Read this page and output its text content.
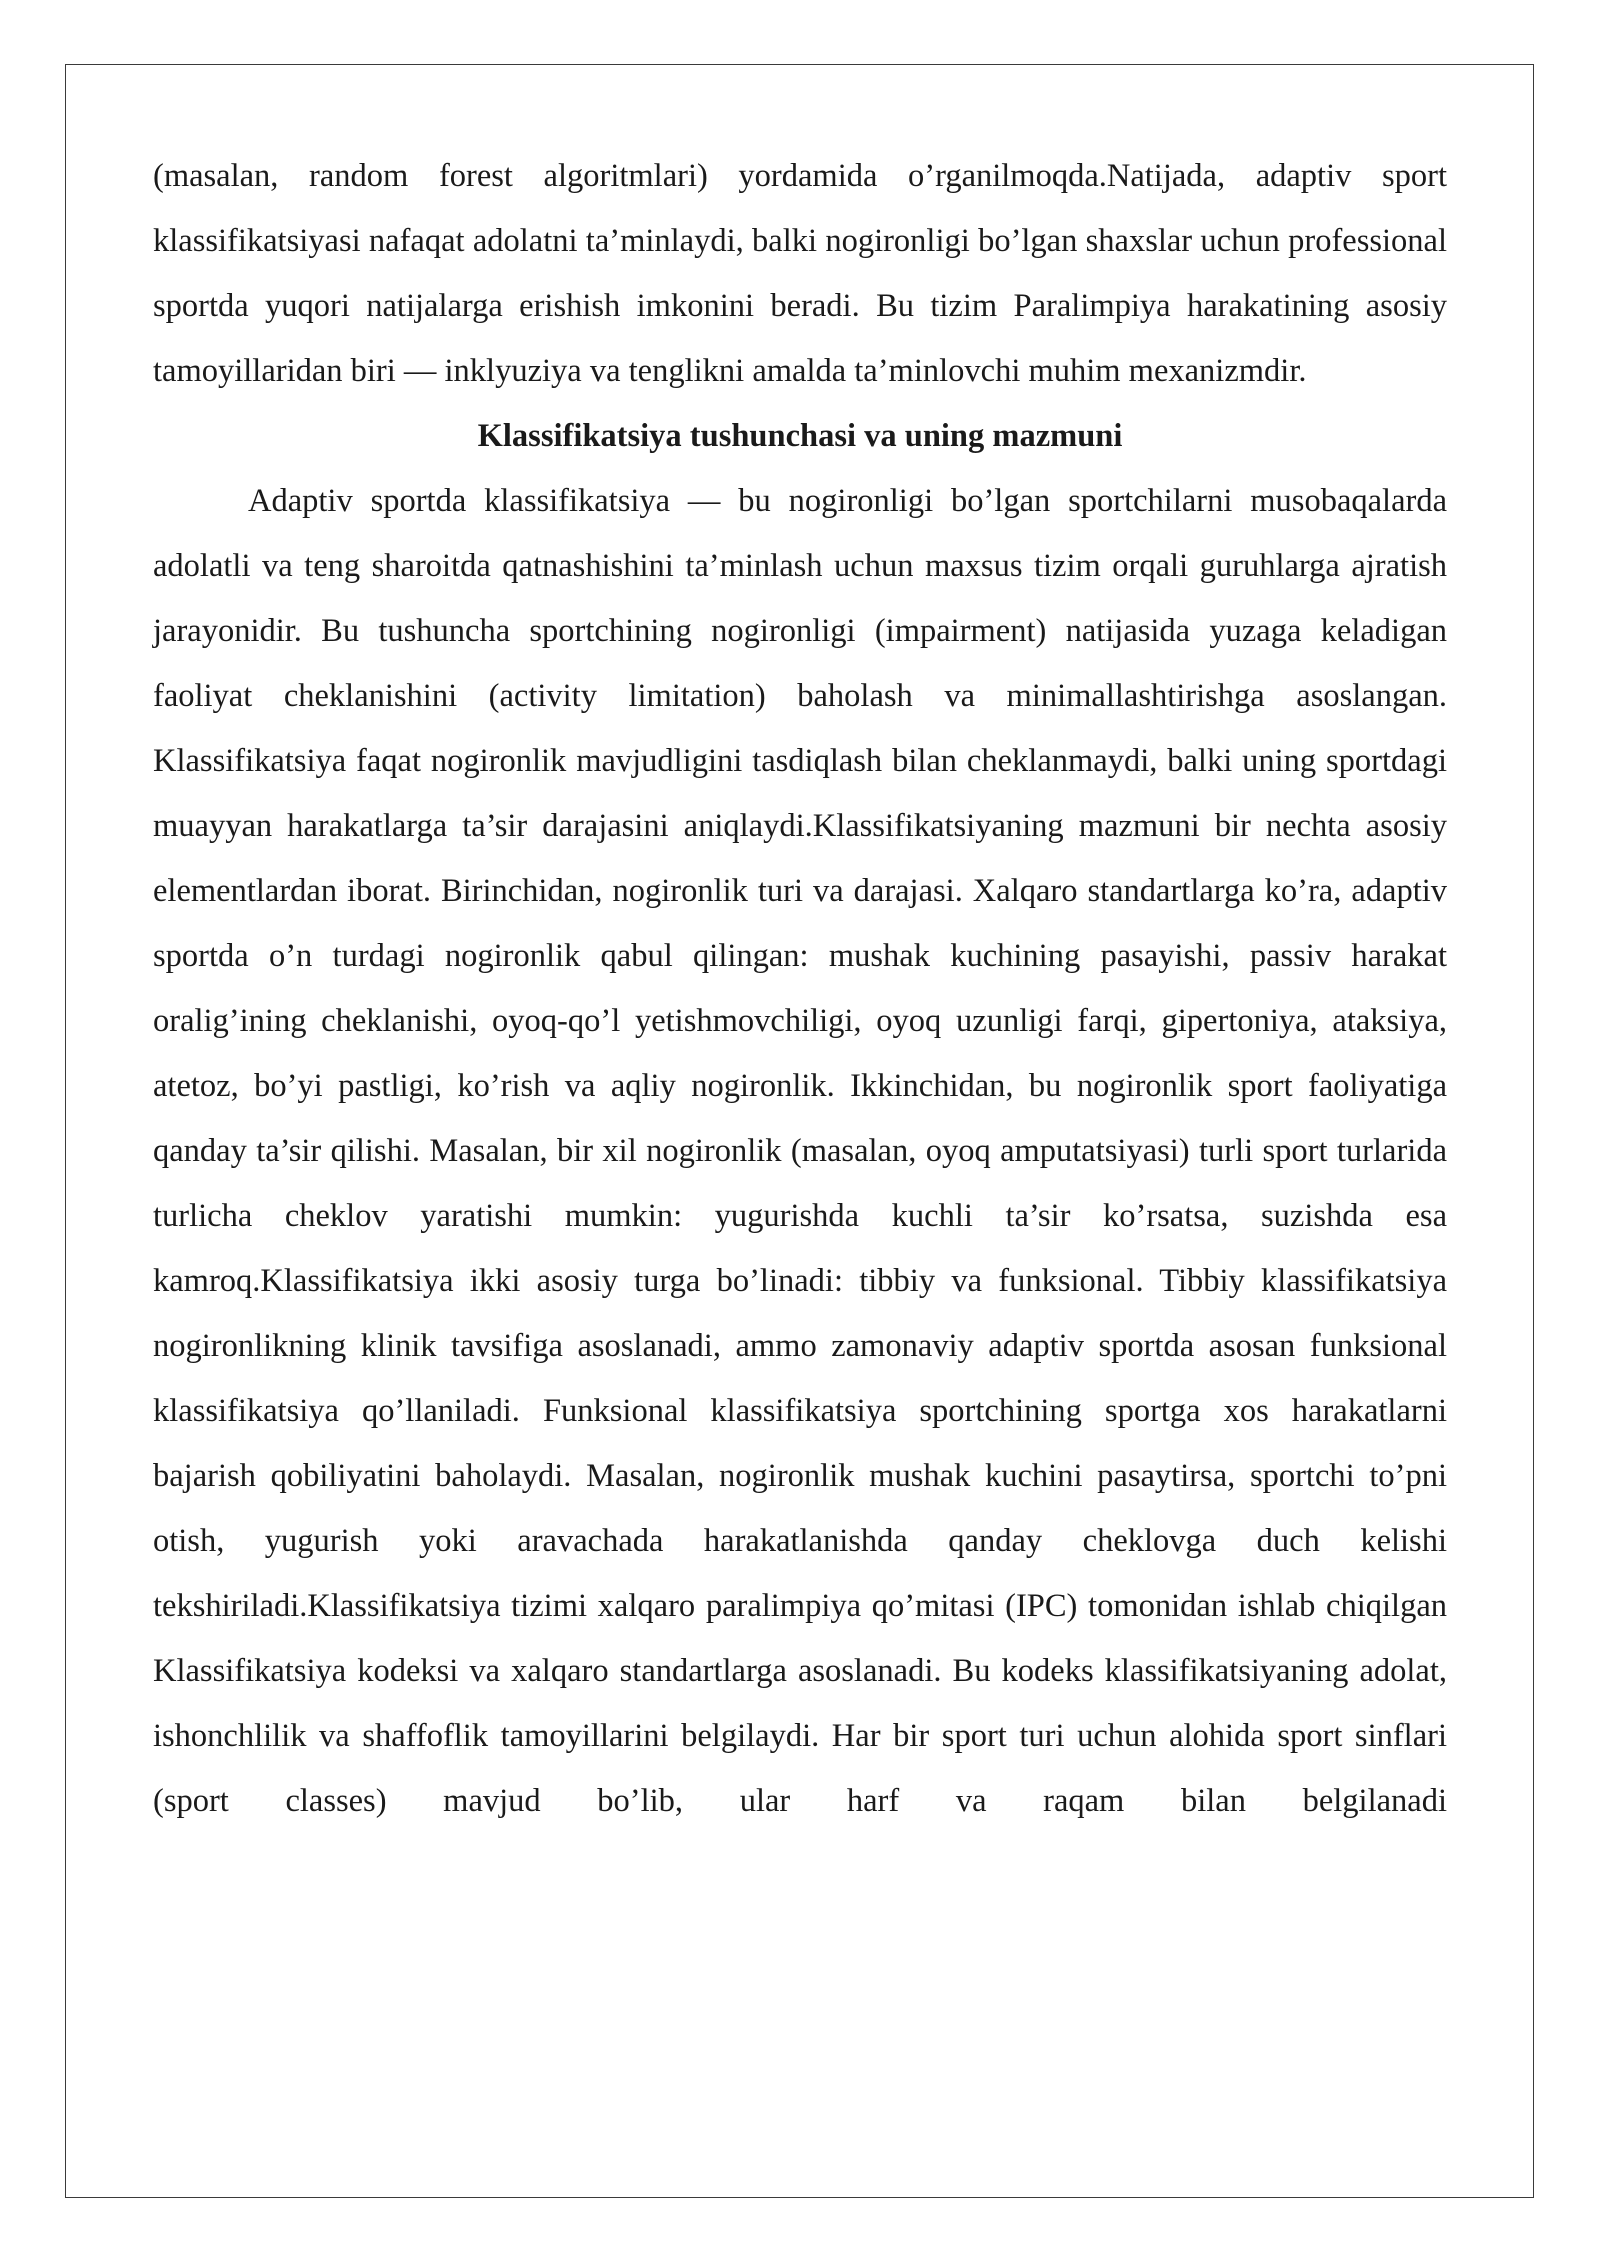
(masalan, random forest algoritmlari) yordamida o’rganilmoqda.Natijada, adaptiv sport klassifikatsiyasi nafaqat adolatni ta’minlaydi, balki nogironligi bo’lgan shaxslar uchun professional sportda yuqori natijalarga erishish imkonini beradi. Bu tizim Paralimpiya harakatining asosiy tamoyillaridan biri — inklyuziya va tenglikni amalda ta’minlovchi muhim mexanizmdir.

Klassifikatsiya tushunchasi va uning mazmuni

Adaptiv sportda klassifikatsiya — bu nogironligi bo’lgan sportchilarni musobaqalarda adolatli va teng sharoitda qatnashishini ta’minlash uchun maxsus tizim orqali guruhlarga ajratish jarayonidir. Bu tushuncha sportchining nogironligi (impairment) natijasida yuzaga keladigan faoliyat cheklanishini (activity limitation) baholash va minimallashtirishga asoslangan. Klassifikatsiya faqat nogironlik mavjudligini tasdiqlash bilan cheklanmaydi, balki uning sportdagi muayyan harakatlarga ta’sir darajasini aniqlaydi.Klassifikatsiyaning mazmuni bir nechta asosiy elementlardan iborat. Birinchidan, nogironlik turi va darajasi. Xalqaro standartlarga ko’ra, adaptiv sportda o’n turdagi nogironlik qabul qilingan: mushak kuchining pasayishi, passiv harakat oralig’ining cheklanishi, oyoq-qo’l yetishmovchiligi, oyoq uzunligi farqi, gipertoniya, ataksiya, atetoz, bo’yi pastligi, ko’rish va aqliy nogironlik. Ikkinchidan, bu nogironlik sport faoliyatiga qanday ta’sir qilishi. Masalan, bir xil nogironlik (masalan, oyoq amputatsiyasi) turli sport turlarida turlicha cheklov yaratishi mumkin: yugurishda kuchli ta’sir ko’rsatsa, suzishda esa kamroq.Klassifikatsiya ikki asosiy turga bo’linadi: tibbiy va funksional. Tibbiy klassifikatsiya nogironlikning klinik tavsifiga asoslanadi, ammo zamonaviy adaptiv sportda asosan funksional klassifikatsiya qo’llaniladi. Funksional klassifikatsiya sportchining sportga xos harakatlarni bajarish qobiliyatini baholaydi. Masalan, nogironlik mushak kuchini pasaytirsa, sportchi to’pni otish, yugurish yoki aravachada harakatlanishda qanday cheklovga duch kelishi tekshiriladi.Klassifikatsiya tizimi xalqaro paralimpiya qo’mitasi (IPC) tomonidan ishlab chiqilgan Klassifikatsiya kodeksi va xalqaro standartlarga asoslanadi. Bu kodeks klassifikatsiyaning adolat, ishonchlilik va shaffoflik tamoyillarini belgilaydi. Har bir sport turi uchun alohida sport sinflari (sport classes) mavjud bo’lib, ular harf va raqam bilan belgilanadi
